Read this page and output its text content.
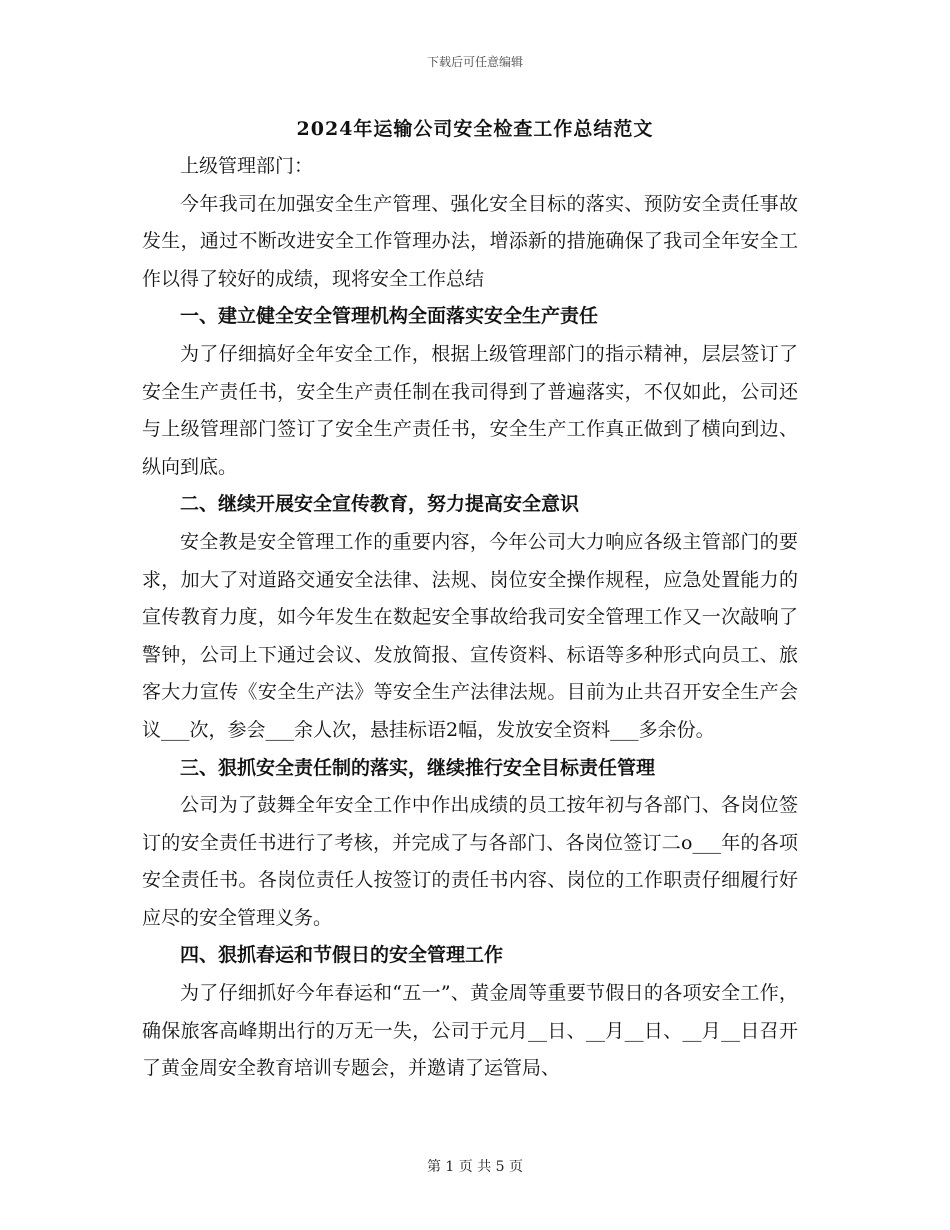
下载后可任意编辑
2024年运输公司安全检查工作总结范文

上级管理部门：

今年我司在加强安全生产管理、强化安全目标的落实、预防安全责任事故发生，通过不断改进安全工作管理办法，增添新的措施确保了我司全年安全工作以得了较好的成绩，现将安全工作总结

一、建立健全安全管理机构全面落实安全生产责任

为了仔细搞好全年安全工作，根据上级管理部门的指示精神，层层签订了安全生产责任书，安全生产责任制在我司得到了普遍落实，不仅如此，公司还与上级管理部门签订了安全生产责任书，安全生产工作真正做到了横向到边、纵向到底。

二、继续开展安全宣传教育，努力提高安全意识

安全教是安全管理工作的重要内容，今年公司大力响应各级主管部门的要求，加大了对道路交通安全法律、法规、岗位安全操作规程，应急处置能力的宣传教育力度，如今年发生在数起安全事故给我司安全管理工作又一次敲响了警钟，公司上下通过会议、发放简报、宣传资料、标语等多种形式向员工、旅客大力宣传《安全生产法》等安全生产法律法规。目前为止共召开安全生产会议___次，参会___余人次，悬挂标语2幅，发放安全资料___多余份。

三、狠抓安全责任制的落实，继续推行安全目标责任管理

公司为了鼓舞全年安全工作中作出成绩的员工按年初与各部门、各岗位签订的安全责任书进行了考核，并完成了与各部门、各岗位签订二o___年的各项安全责任书。各岗位责任人按签订的责任书内容、岗位的工作职责仔细履行好应尽的安全管理义务。

四、狠抓春运和节假日的安全管理工作

为了仔细抓好今年春运和“五一”、黄金周等重要节假日的各项安全工作，确保旅客高峰期出行的万无一失，公司于元月__日、__月__日、__月__日召开了黄金周安全教育培训专题会，并邀请了运管局、

第 1 页 共 5 页
